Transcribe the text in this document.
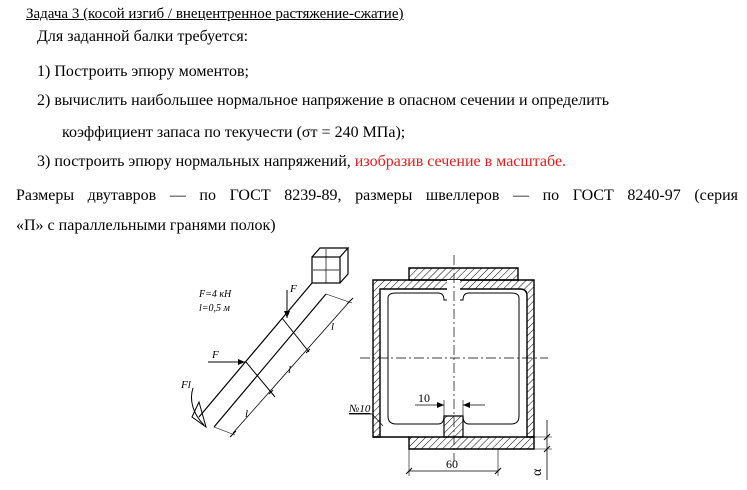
Задача 3 (косой изгиб / внецентренное растяжение-сжатие)
Для заданной балки требуется:
1) Построить эпюру моментов;
2) вычислить наибольшее нормальное напряжение в опасном сечении и определить
коэффициент запаса по текучести (σт = 240 МПа);
3) построить эпюру нормальных напряжений, изобразив сечение в масштабе.
Размеры двутавров — по ГОСТ 8239-89, размеры швеллеров — по ГОСТ 8240-97 (серия
«П» с параллельными гранями полок)
F=4 кН
l=0,5 м
F
F
Fl
l
l
l
10
№10
60
α
